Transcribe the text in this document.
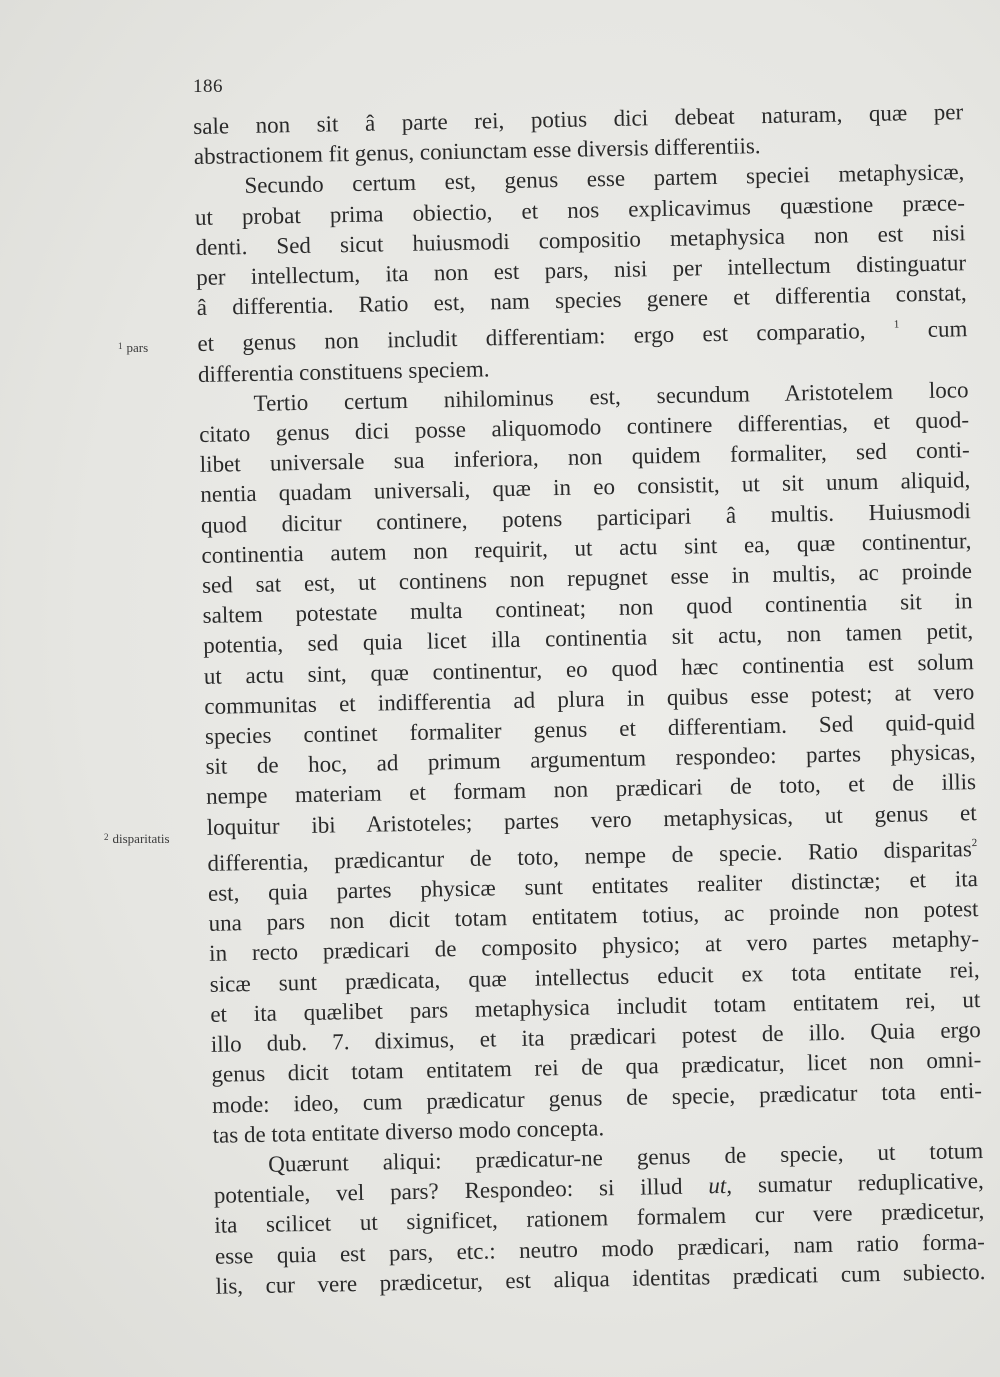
186
$^1$ pars
$^2$ disparitatis
sale non sit â parte rei, potius dici debeat naturam, quæ per
abstractionem fit genus, coniunctam esse diversis differentiis.
Secundo certum est, genus esse partem speciei metaphysicæ,
ut probat prima obiectio, et nos explicavimus quæstione præce-
denti. Sed sicut huiusmodi compositio metaphysica non est nisi
per intellectum, ita non est pars, nisi per intellectum distinguatur
â differentia. Ratio est, nam species genere et differentia constat,
et genus non includit differentiam: ergo est comparatio,	$^1$ cum
differentia constituens speciem.
Tertio certum nihilominus est, secundum Aristotelem loco
citato genus dici posse aliquomodo continere differentias, et quod-
libet universale sua inferiora, non quidem formaliter, sed conti-
nentia quadam universali, quæ in eo consistit, ut sit unum aliquid,
quod dicitur continere, potens participari â multis. Huiusmodi
continentia autem non requirit, ut actu sint ea, quæ continentur,
sed sat est, ut continens non repugnet esse in multis, ac proinde
saltem potestate multa contineat; non quod continentia sit in
potentia, sed quia licet illa continentia sit actu, non tamen petit,
ut actu sint, quæ continentur, eo quod hæc continentia est solum
communitas et indifferentia ad plura in quibus esse potest; at vero
species continet formaliter genus et differentiam. Sed quid-quid
sit de hoc, ad primum argumentum respondeo: partes physicas,
nempe materiam et formam non prædicari de toto, et de illis
loquitur ibi Aristoteles; partes vero metaphysicas, ut genus et
differentia, prædicantur de toto, nempe de specie. Ratio disparitas$^2$
est, quia partes physicæ sunt entitates realiter distinctæ; et ita
una pars non dicit totam entitatem totius, ac proinde non potest
in recto prædicari de composito physico; at vero partes metaphy-
sicæ sunt prædicata, quæ intellectus educit ex tota entitate rei,
et ita quælibet pars metaphysica includit totam entitatem rei, ut
illo dub. 7. diximus, et ita prædicari potest de illo. Quia ergo
genus dicit totam entitatem rei de qua prædicatur, licet non omni-
mode: ideo, cum prædicatur genus de specie, prædicatur tota enti-
tas de tota entitate diverso modo concepta.
Quærunt aliqui: prædicatur-ne genus de specie, ut totum
potentiale, vel pars? Respondeo: si illud ut, sumatur reduplicative,
ita scilicet ut significet, rationem formalem cur vere prædicetur,
esse quia est pars, etc.: neutro modo prædicari, nam ratio forma-
lis, cur vere prædicetur, est aliqua identitas prædicati cum subiecto.
